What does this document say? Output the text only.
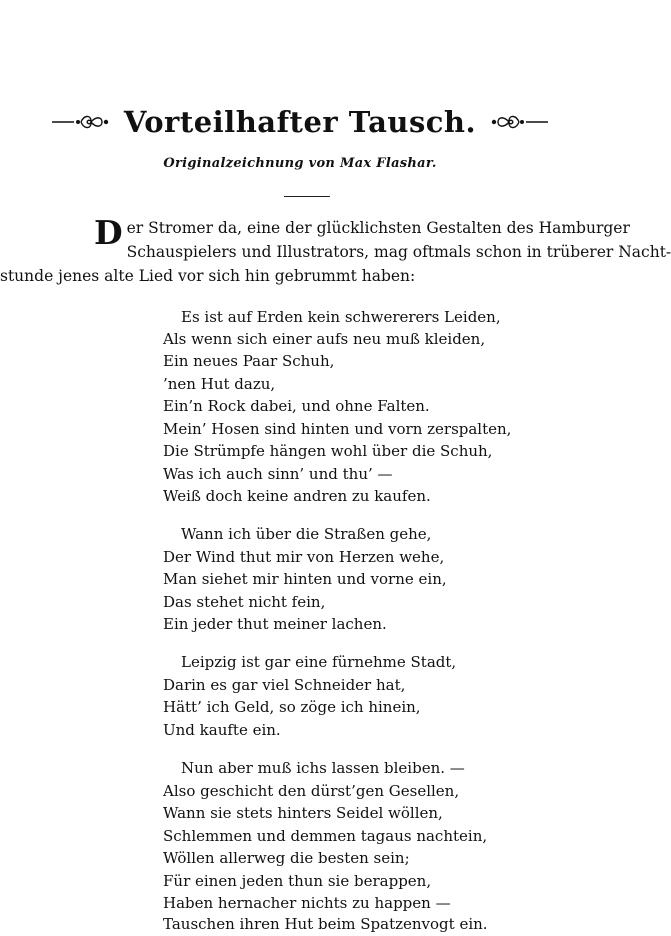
Vorteilhafter Tausch.
Originalzeichnung von Max Flashar.
D er Stromer da, eine der glücklichsten Gestalten des Hamburger
Schauspielers und Illustrators, mag oftmals schon in trüberer Nacht-
stunde jenes alte Lied vor sich hin gebrummt haben:
Es ist auf Erden kein schwererers Leiden,
Als wenn sich einer aufs neu muß kleiden,
Ein neues Paar Schuh,
’nen Hut dazu,
Ein’n Rock dabei, und ohne Falten.
Mein’ Hosen sind hinten und vorn zerspalten,
Die Strümpfe hängen wohl über die Schuh,
Was ich auch sinn’ und thu’ —
Weiß doch keine andren zu kaufen.
Wann ich über die Straßen gehe,
Der Wind thut mir von Herzen wehe,
Man siehet mir hinten und vorne ein,
Das stehet nicht fein,
Ein jeder thut meiner lachen.
Leipzig ist gar eine fürnehme Stadt,
Darin es gar viel Schneider hat,
Hätt’ ich Geld, so zöge ich hinein,
Und kaufte ein.
Nun aber muß ichs lassen bleiben. —
Also geschicht den dürst’gen Gesellen,
Wann sie stets hinters Seidel wöllen,
Schlemmen und demmen tagaus nachtein,
Wöllen allerweg die besten sein;
Für einen jeden thun sie berappen,
Haben hernacher nichts zu happen —
Tauschen ihren Hut beim Spatzenvogt ein.
